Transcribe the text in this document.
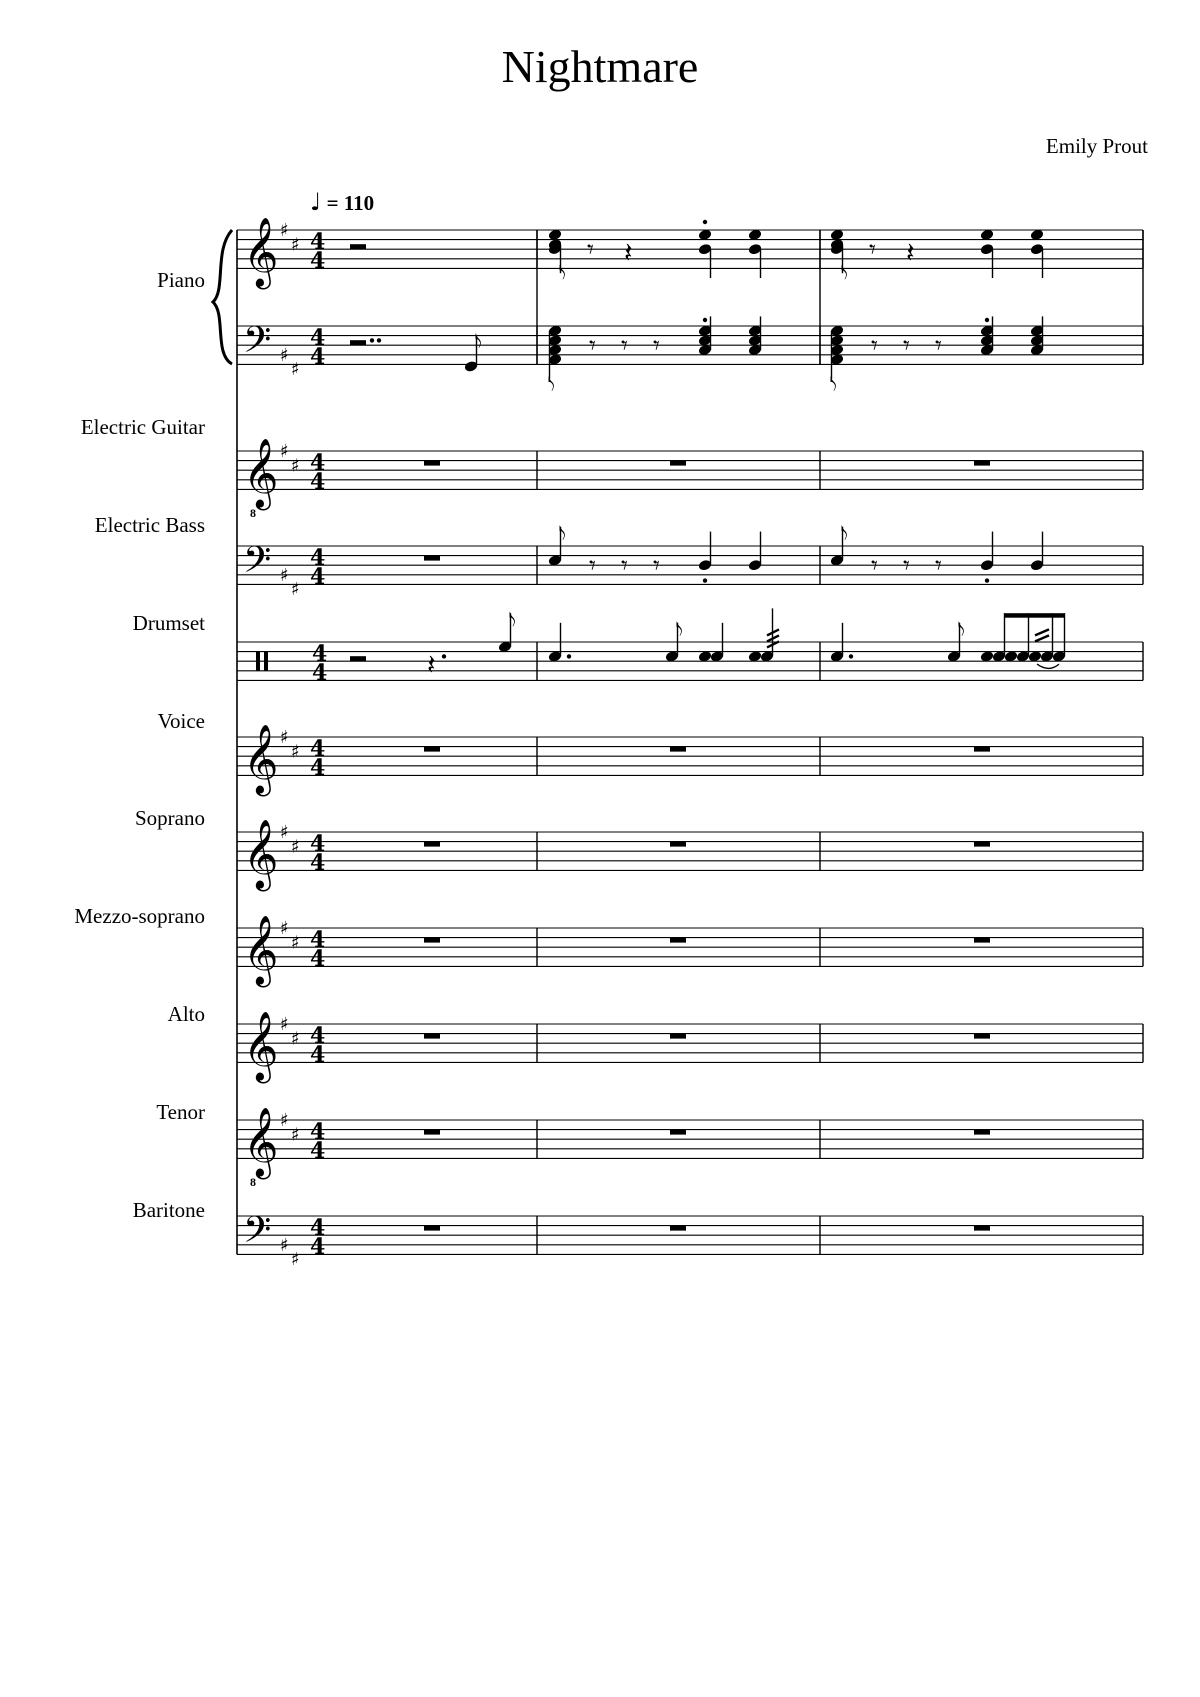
Nightmare
Emily Prout
♩ = 110
Piano
Electric Guitar
Electric Bass
Drumset
Voice
Soprano
Mezzo-soprano
Alto
Tenor
Baritone
𝄞
𝄢
𝄞
8
𝄢
𝄞
𝄞
𝄞
𝄞
𝄞
8
𝄢
♯
♯ 4
4
♯
♯
4
4
♯
♯ 4
4
♯
♯
4
4
4
4
♯
♯ 4
4
♯
♯ 4
4
♯
♯ 4
4
♯
♯ 4
4
♯
♯ 4
4
♯
♯
4
4
𝅮
𝄾 𝄽
𝅮
𝄾 𝄽
𝅮
𝅮
𝄾 𝄾 𝄾
𝅮
𝄾 𝄾 𝄾
𝅮
𝄾 𝄾 𝄾
𝅮
𝄾 𝄾 𝄾
𝄽
𝅮	𝅮	𝅮
